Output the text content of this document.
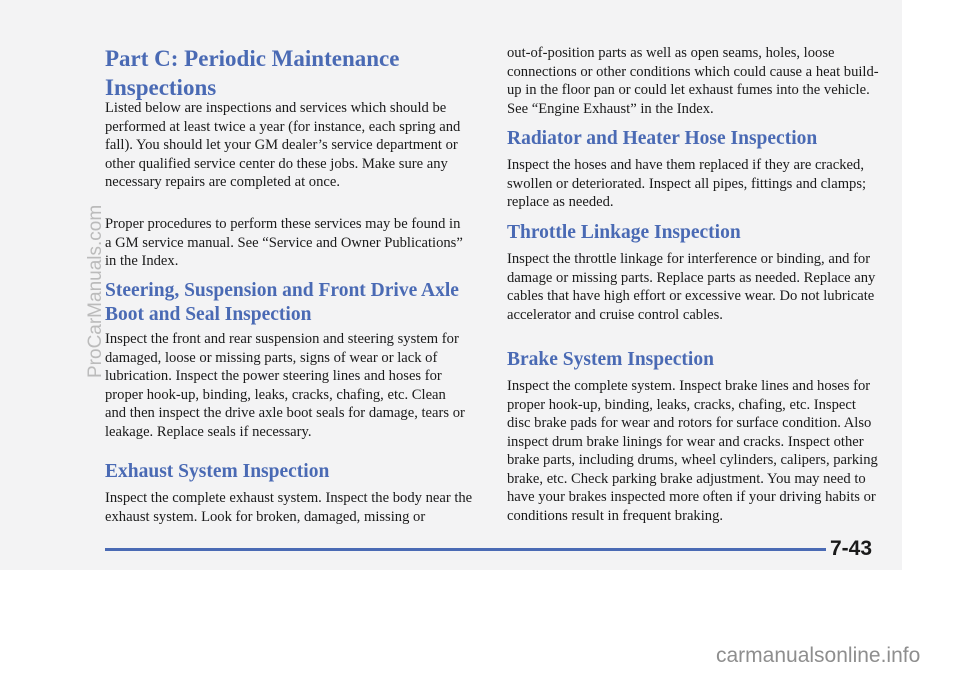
Part C: Periodic Maintenance
Inspections

Listed below are inspections and services which should be performed at least twice a year (for instance, each spring and fall). You should let your GM dealer’s service department or other qualified service center do these jobs. Make sure any necessary repairs are completed at once.

Proper procedures to perform these services may be found in a GM service manual. See “Service and Owner Publications” in the Index.

Steering, Suspension and Front Drive Axle
Boot and Seal Inspection

Inspect the front and rear suspension and steering system for damaged, loose or missing parts, signs of wear or lack of lubrication. Inspect the power steering lines and hoses for proper hook-up, binding, leaks, cracks, chafing, etc. Clean and then inspect the drive axle boot seals for damage, tears or leakage. Replace seals if necessary.

Exhaust System Inspection

Inspect the complete exhaust system. Inspect the body near the exhaust system. Look for broken, damaged, missing or

out-of-position parts as well as open seams, holes, loose connections or other conditions which could cause a heat build-up in the floor pan or could let exhaust fumes into the vehicle. See “Engine Exhaust” in the Index.

Radiator and Heater Hose Inspection

Inspect the hoses and have them replaced if they are cracked, swollen or deteriorated. Inspect all pipes, fittings and clamps; replace as needed.

Throttle Linkage Inspection

Inspect the throttle linkage for interference or binding, and for damage or missing parts. Replace parts as needed. Replace any cables that have high effort or excessive wear. Do not lubricate accelerator and cruise control cables.

Brake System Inspection

Inspect the complete system. Inspect brake lines and hoses for proper hook-up, binding, leaks, cracks, chafing, etc. Inspect disc brake pads for wear and rotors for surface condition. Also inspect drum brake linings for wear and cracks. Inspect other brake parts, including drums, wheel cylinders, calipers, parking brake, etc. Check parking brake adjustment. You may need to have your brakes inspected more often if your driving habits or conditions result in frequent braking.

7-43
ProCarManuals.com
carmanualsonline.info
